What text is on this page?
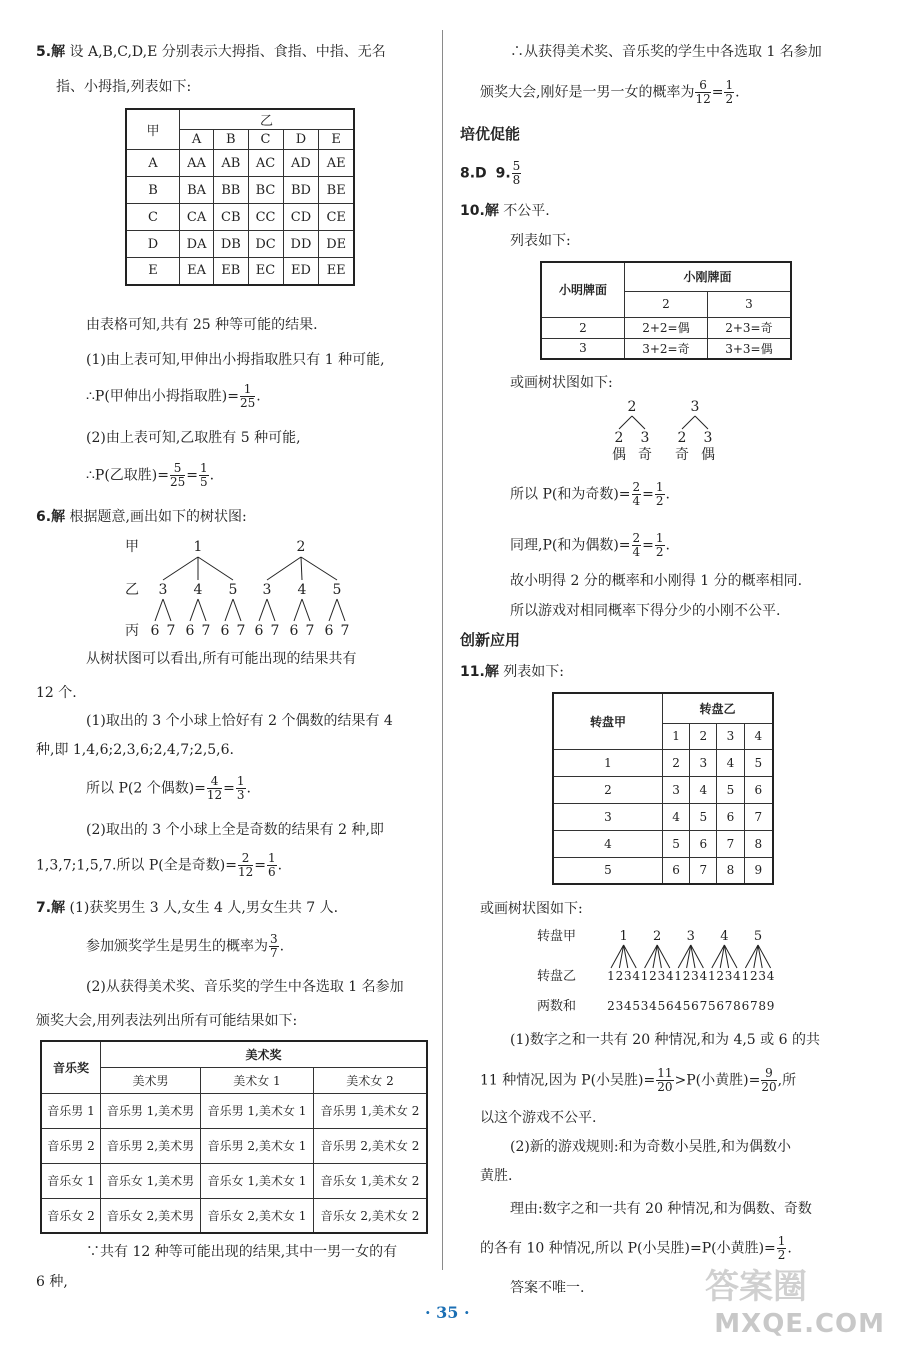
5.解 设 A,B,C,D,E 分别表示大拇指、食指、中指、无名
指、小拇指,列表如下:
甲	乙				
	A	B	C	D	E
A	AA	AB	AC	AD	AE
B	BA	BB	BC	BD	BE
C	CA	CB	CC	CD	CE
D	DA	DB	DC	DD	DE
E	EA	EB	EC	ED	EE
由表格可知,共有 25 种等可能的结果.
(1)由上表可知,甲伸出小拇指取胜只有 1 种可能,
∴P(甲伸出小拇指取胜)= $\frac{1}{25}$ .
(2)由上表可知,乙取胜有 5 种可能,
∴P(乙取胜)= $\frac{5}{25} = \frac{1}{5}$ .
6.解 根据题意,画出如下的树状图:
甲
乙
丙
1	2
3 4 5 3 4 5
6 7 6 7 6 7 6 7 6 7 6 7
从树状图可以看出,所有可能出现的结果共有
12 个.
(1)取出的 3 个小球上恰好有 2 个偶数的结果有 4
种,即 1,4,6;2,3,6;2,4,7;2,5,6.
所以 P(2 个偶数)= $\frac{4}{12} = \frac{1}{3}$ .
(2)取出的 3 个小球上全是奇数的结果有 2 种,即
1,3,7;1,5,7.所以 P(全是奇数)= $\frac{2}{12} = \frac{1}{6}$ .
7.解 (1)获奖男生 3 人,女生 4 人,男女生共 7 人.
参加颁奖学生是男生的概率为 $\frac{3}{7}$ .
(2)从获得美术奖、音乐奖的学生中各选取 1 名参加
颁奖大会,用列表法列出所有可能结果如下:
音乐奖	美术奖		
	美术男	美术女 1	美术女 2
音乐男 1	音乐男 1,美术男	音乐男 1,美术女 1	音乐男 1,美术女 2
音乐男 2	音乐男 2,美术男	音乐男 2,美术女 1	音乐男 2,美术女 2
音乐女 1	音乐女 1,美术男	音乐女 1,美术女 1	音乐女 1,美术女 2
音乐女 2	音乐女 2,美术男	音乐女 2,美术女 1	音乐女 2,美术女 2
∵共有 12 种等可能出现的结果,其中一男一女的有
6 种,
∴从获得美术奖、音乐奖的学生中各选取 1 名参加
颁奖大会,刚好是一男一女的概率为 $\frac{6}{12} = \frac{1}{2}$ .
培优促能
8.D 9. $\frac{5}{8}$
10.解 不公平.
列表如下:
小明牌面	小刚牌面	
	2	3
2	2+2=偶	2+3=奇
3	3+2=奇	3+3=偶
或画树状图如下:
2	3
2 3 2 3
偶 奇 奇 偶
所以 P(和为奇数)= $\frac{2}{4} = \frac{1}{2}$ .
同理,P(和为偶数)= $\frac{2}{4} = \frac{1}{2}$ .
故小明得 2 分的概率和小刚得 1 分的概率相同.
所以游戏对相同概率下得分少的小刚不公平.
创新应用
11.解 列表如下:
转盘甲	转盘乙			
	1	2	3	4
1	2	3	4	5
2	3	4	5	6
3	4	5	6	7
4	5	6	7	8
5	6	7	8	9
或画树状图如下:
转盘甲
转盘乙
两数和
1 2 3 4 5
1 2 3 4 1 2 3 4 1 2 3 4 1 2 3 4 1 2 3 4
2 3 4 5 3 4 5 6 4 5 6 7 5 6 7 8 6 7 8 9
(1)数字之和一共有 20 种情况,和为 4,5 或 6 的共
11 种情况,因为 P(小吴胜)= $\frac{11}{20} >P$(小黄胜)= $\frac{9}{20}$ ,所
以这个游戏不公平.
(2)新的游戏规则:和为奇数小吴胜,和为偶数小
黄胜.
理由:数字之和一共有 20 种情况,和为偶数、奇数
的各有 10 种情况,所以 P(小吴胜)=P(小黄胜)= $\frac{1}{2}$ .
答案不唯一.
· 35 ·
答案圈
MXQE.COM
